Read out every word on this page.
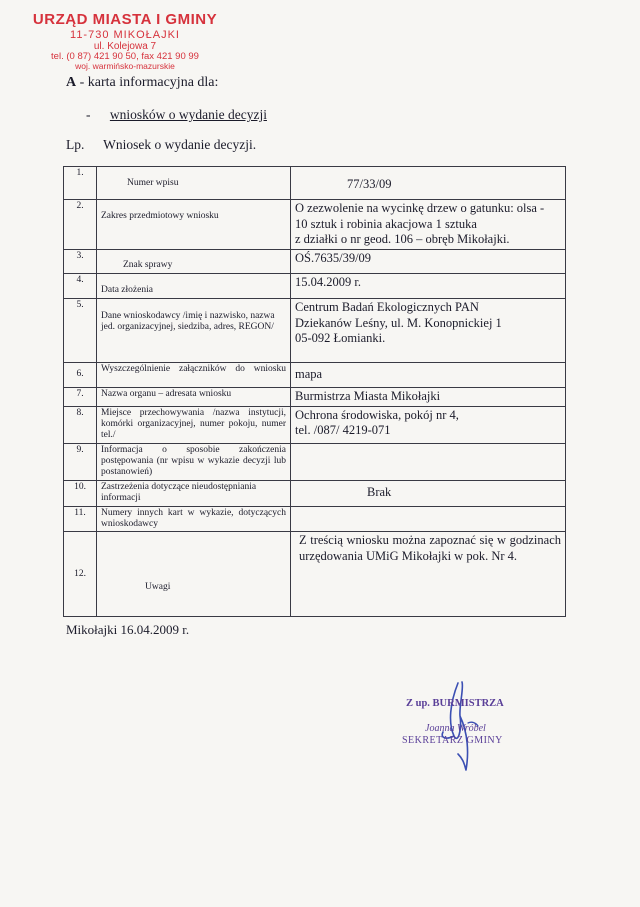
URZĄD MIASTA I GMINY
11-730 MIKOŁAJKI
ul. Kolejowa 7
tel. (0 87) 421 90 50, fax 421 90 99
woj. warmińsko-mazurskie
A - karta informacyjna dla:
- wniosków o wydanie decyzji
Lp. Wniosek o wydanie decyzji.
1.	Numer wpisu	77/33/09

2.	Zakres przedmiotowy wniosku	O zezwolenie na wycinkę drzew o gatunku: olsa -
10 sztuk i robinia akacjowa 1 sztuka
z działki o nr geod. 106 – obręb Mikołajki.

3.	Znak sprawy	OŚ.7635/39/09

4.	Data złożenia	15.04.2009 r.

5.	Dane wnioskodawcy /imię i nazwisko, nazwa jed. organizacyjnej, siedziba, adres, REGON/	Centrum Badań Ekologicznych PAN
Dziekanów Leśny, ul. M. Konopnickiej 1
05-092 Łomianki.

6.	Wyszczególnienie załączników do wniosku	mapa

7.	Nazwa organu – adresata wniosku	Burmistrza Miasta Mikołajki

8.	Miejsce przechowywania /nazwa instytucji, komórki organizacyjnej, numer pokoju, numer tel./	Ochrona środowiska, pokój nr 4,
tel. /087/ 4219-071

9.	Informacja o sposobie zakończenia postępowania (nr wpisu w wykazie decyzji lub postanowień)	
10.	Zastrzeżenia dotyczące nieudostępniania informacji	Brak

11.	Numery innych kart w wykazie, dotyczących wnioskodawcy	
12.	Uwagi	Z treścią wniosku można zapoznać się w godzinach urzędowania UMiG Mikołajki w pok. Nr 4.
Mikołajki 16.04.2009 r.
Z up. BURMISTRZA
Joanna Wróbel
SEKRETARZ GMINY
